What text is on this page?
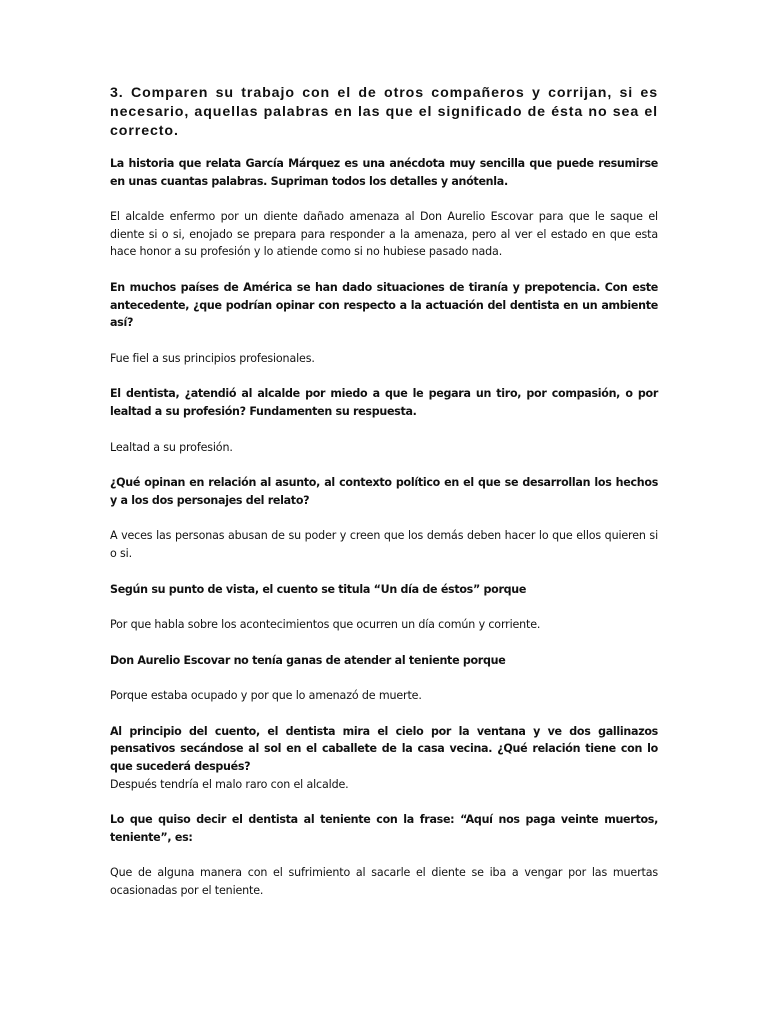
3. Comparen su trabajo con el de otros compañeros y corrijan, si es necesario, aquellas palabras en las que el significado de ésta no sea el correcto.

La historia que relata García Márquez es una anécdota muy sencilla que puede resumirse en unas cuantas palabras. Supriman todos los detalles y anótenla.

El alcalde enfermo por un diente dañado amenaza al Don Aurelio Escovar para que le saque el diente si o si, enojado se prepara para responder a la amenaza, pero al ver el estado en que esta hace honor a su profesión y lo atiende como si no hubiese pasado nada.

En muchos países de América se han dado situaciones de tiranía y prepotencia. Con este antecedente, ¿que podrían opinar con respecto a la actuación del dentista en un ambiente así?

Fue fiel a sus principios profesionales.

El dentista, ¿atendió al alcalde por miedo a que le pegara un tiro, por compasión, o por lealtad a su profesión? Fundamenten su respuesta.

Lealtad a su profesión.

¿Qué opinan en relación al asunto, al contexto político en el que se desarrollan los hechos y a los dos personajes del relato?

A veces las personas abusan de su poder y creen que los demás deben hacer lo que ellos quieren si o si.

Según su punto de vista, el cuento se titula “Un día de éstos” porque

Por que habla sobre los acontecimientos que ocurren un día común y corriente.

Don Aurelio Escovar no tenía ganas de atender al teniente porque

Porque estaba ocupado y por que lo amenazó de muerte.

Al principio del cuento, el dentista mira el cielo por la ventana y ve dos gallinazos pensativos secándose al sol en el caballete de la casa vecina. ¿Qué relación tiene con lo que sucederá después?

Después tendría el malo raro con el alcalde.

Lo que quiso decir el dentista al teniente con la frase: “Aquí nos paga veinte muertos, teniente”, es:

Que de alguna manera con el sufrimiento al sacarle el diente se iba a vengar por las muertas ocasionadas por el teniente.
